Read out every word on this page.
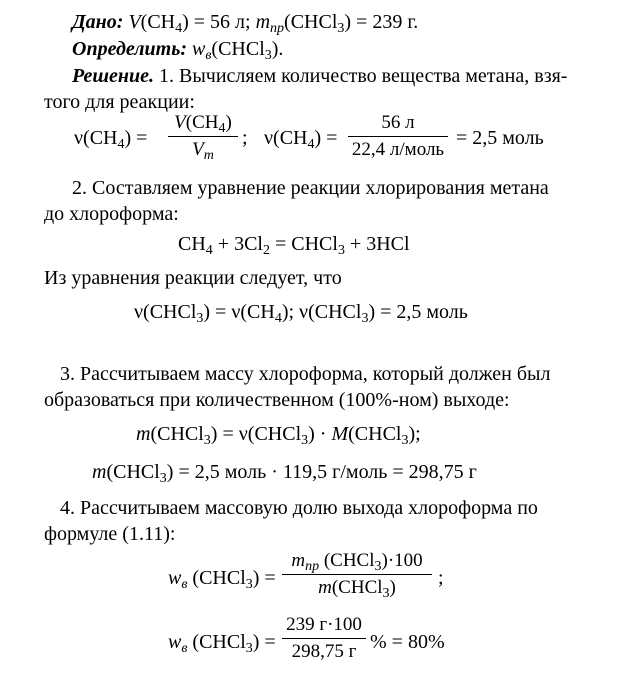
Дано: $V(CH_4) = 56$ л; $m_{пр}(CHCl_3) = 239$ г.
Определить: $w_в(CHCl_3)$.
Решение. 1. Вычисляем количество вещества метана, взя-
того для реакции:
$\nu(CH_4)$ =
$V(CH_4)$
$V_m$
; $\nu(CH_4)$ =
56 л
22,4 л/моль
= 2,5 моль
2. Составляем уравнение реакции хлорирования метана
до хлороформа:
$CH_4 + 3Cl_2$ = CHCl$_3$ + 3HCl
Из уравнения реакции следует, что
ν(CHCl$_3$) = $\nu(CH_4)$; ν(CHCl$_3$) = 2,5 моль
3. Рассчитываем массу хлороформа, который должен был
образоваться при количественном (100%-ном) выходе:
m(CHCl$_3$) = ν(CHCl$_3$) · M(CHCl$_3$);
m(CHCl$_3$) = 2,5 моль · 119,5 г/моль = 298,75 г
4. Рассчитываем массовую долю выхода хлороформа по
формуле (1.11):
$w_в$ (CHCl$_3$) =
$m_{пр}$ (CHCl$_3$)·100
m(CHCl$_3$) ;
$w_в$ (CHCl$_3$) =
239 г·100
298,75 г % = 80%
